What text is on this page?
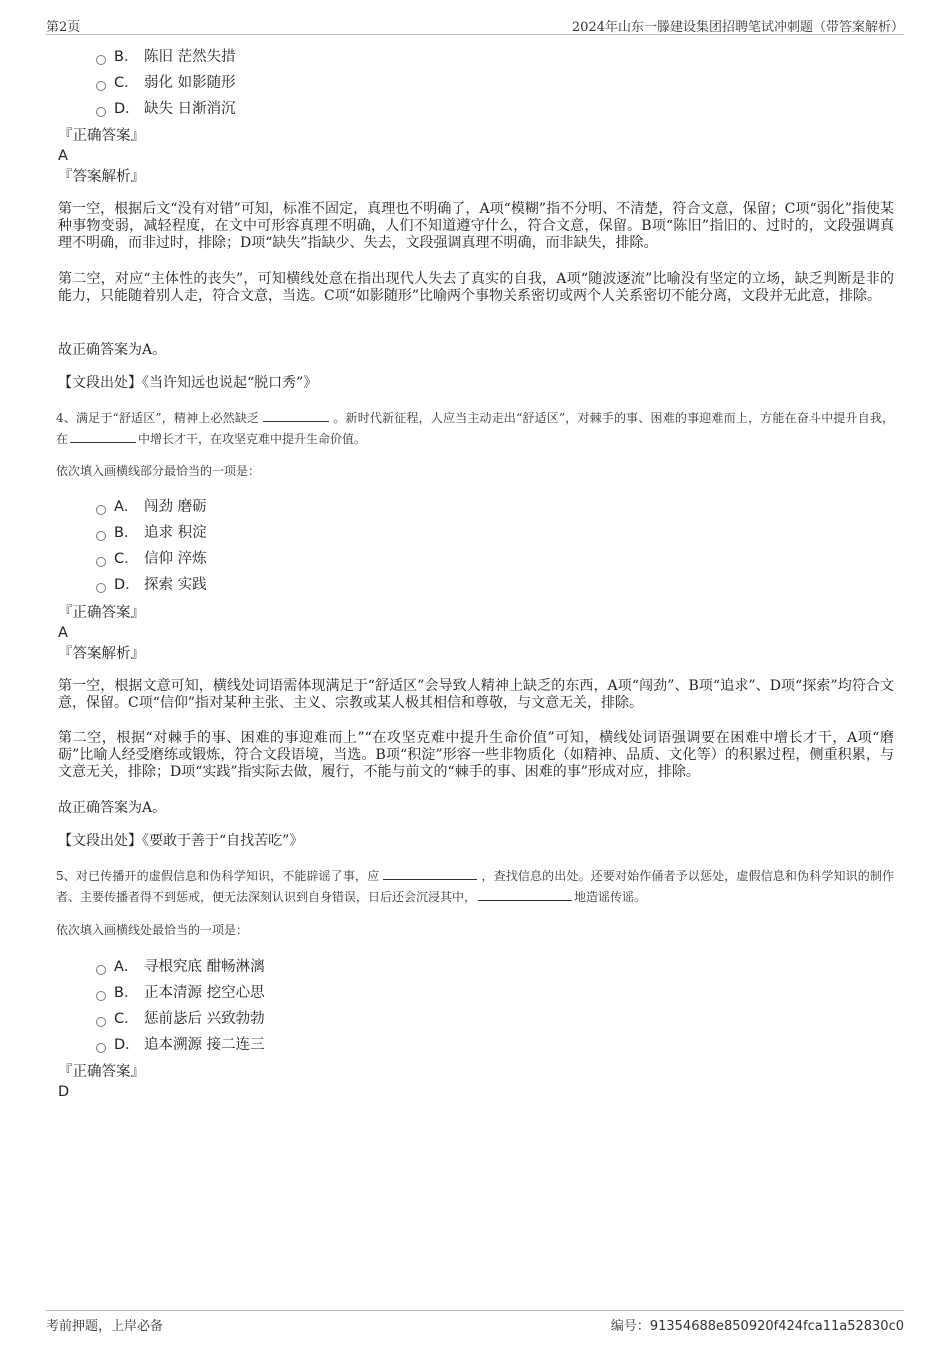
第2页	2024年山东一滕建设集团招聘笔试冲刺题（带答案解析）
B． 陈旧 茫然失措
C． 弱化 如影随形
D． 缺失 日渐消沉
『正确答案』
A
『答案解析』
第一空，根据后文“没有对错”可知，标准不固定，真理也不明确了，A项“模糊”指不分明、不清楚，符合文意，保留；C项“弱化”指使某种事物变弱，减轻程度，在文中可形容真理不明确，人们不知道遵守什么，符合文意，保留。B项“陈旧”指旧的、过时的，文段强调真理不明确，而非过时，排除；D项“缺失”指缺少、失去，文段强调真理不明确，而非缺失，排除。
第二空，对应“主体性的丧失”，可知横线处意在指出现代人失去了真实的自我，A项“随波逐流”比喻没有坚定的立场，缺乏判断是非的能力，只能随着别人走，符合文意，当选。C项“如影随形”比喻两个事物关系密切或两个人关系密切不能分离，文段并无此意，排除。
故正确答案为A。
【文段出处】《当许知远也说起“脱口秀”》
4、满足于“舒适区”，精神上必然缺乏	。新时代新征程，人应当主动走出“舒适区”，对棘手的事、困难的事迎难而上，方能在奋斗中提升自我，在	中增长才干，在攻坚克难中提升生命价值。
依次填入画横线部分最恰当的一项是：
A． 闯劲 磨砺
B． 追求 积淀
C． 信仰 淬炼
D． 探索 实践
『正确答案』
A
『答案解析』
第一空，根据文意可知，横线处词语需体现满足于“舒适区”会导致人精神上缺乏的东西，A项“闯劲”、B项“追求”、D项“探索”均符合文意，保留。C项“信仰”指对某种主张、主义、宗教或某人极其相信和尊敬，与文意无关，排除。
第二空，根据“对棘手的事、困难的事迎难而上”“在攻坚克难中提升生命价值”可知，横线处词语强调要在困难中增长才干，A项“磨砺”比喻人经受磨练或锻炼，符合文段语境，当选。B项“积淀”形容一些非物质化（如精神、品质、文化等）的积累过程，侧重积累，与文意无关，排除；D项“实践”指实际去做，履行，不能与前文的“棘手的事、困难的事”形成对应，排除。
故正确答案为A。
【文段出处】《要敢于善于“自找苦吃”》
5、对已传播开的虚假信息和伪科学知识，不能辟谣了事，应	，查找信息的出处。还要对始作俑者予以惩处，虚假信息和伪科学知识的制作者、主要传播者得不到惩戒，便无法深刻认识到自身错误，日后还会沉浸其中，	地造谣传谣。
依次填入画横线处最恰当的一项是：
A． 寻根究底 酣畅淋漓
B． 正本清源 挖空心思
C． 惩前毖后 兴致勃勃
D． 追本溯源 接二连三
『正确答案』
D
考前押题，上岸必备	编号：91354688e850920f424fca11a52830c0
